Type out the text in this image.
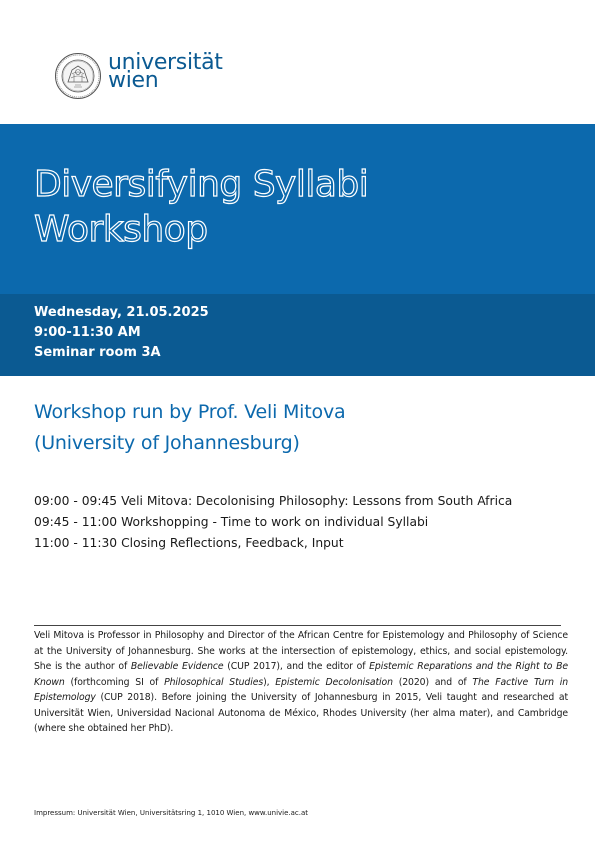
universität
wien
Diversifying Syllabi
Workshop
Wednesday, 21.05.2025
9:00-11:30 AM
Seminar room 3A
Workshop run by Prof. Veli Mitova
(University of Johannesburg)
09:00 - 09:45 Veli Mitova: Decolonising Philosophy: Lessons from South Africa
09:45 - 11:00 Workshopping - Time to work on individual Syllabi
11:00 - 11:30 Closing Reflections, Feedback, Input

Veli Mitova is Professor in Philosophy and Director of the African Centre for Epistemology and Philosophy of Science at the University of Johannesburg. She works at the intersection of epistemology, ethics, and social epistemology. She is the author of Believable Evidence (CUP 2017), and the editor of Epistemic Reparations and the Right to Be Known (forthcoming SI of Philosophical Studies), Epistemic Decolonisation (2020) and of The Factive Turn in Epistemology (CUP 2018). Before joining the University of Johannesburg in 2015, Veli taught and researched at Universität Wien, Universidad Nacional Autonoma de México, Rhodes University (her alma mater), and Cambridge (where she obtained her PhD).

Impressum: Universität Wien, Universitätsring 1, 1010 Wien, www.univie.ac.at
